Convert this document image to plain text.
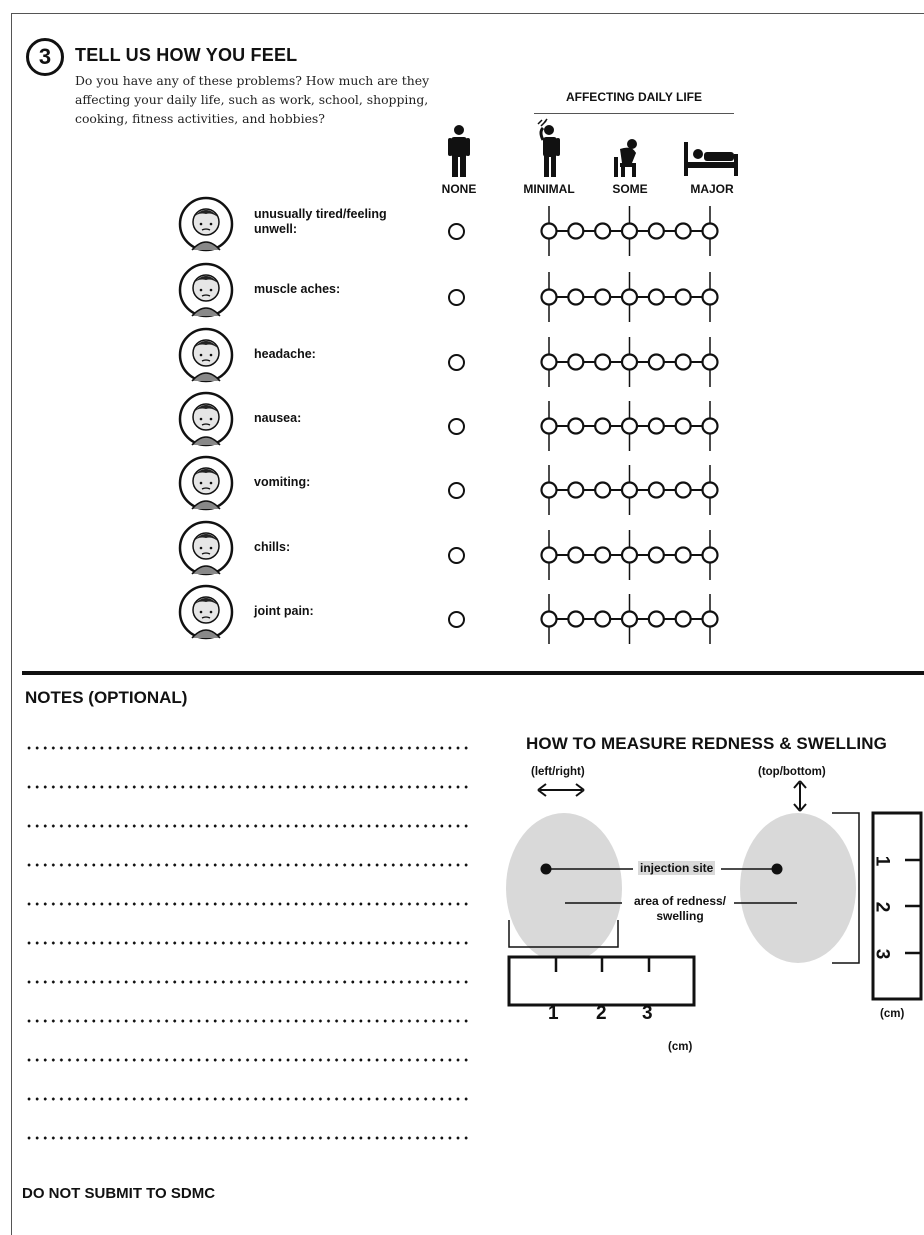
3	TELL US HOW YOU FEEL
Do you have any of these problems? How much are they affecting your daily life, such as work, school, shopping, cooking, fitness activities, and hobbies?
AFFECTING DAILY LIFE
NONE	MINIMAL	SOME	MAJOR
unusually tired/feeling unwell:
muscle aches:
headache:
nausea:
vomiting:
chills:
joint pain:
NOTES (OPTIONAL)
HOW TO MEASURE REDNESS & SWELLING
(left/right)	(top/bottom)
injection site
area of redness/
swelling
1 2 3
(cm)
1
2
3
(cm)
DO NOT SUBMIT TO SDMC
